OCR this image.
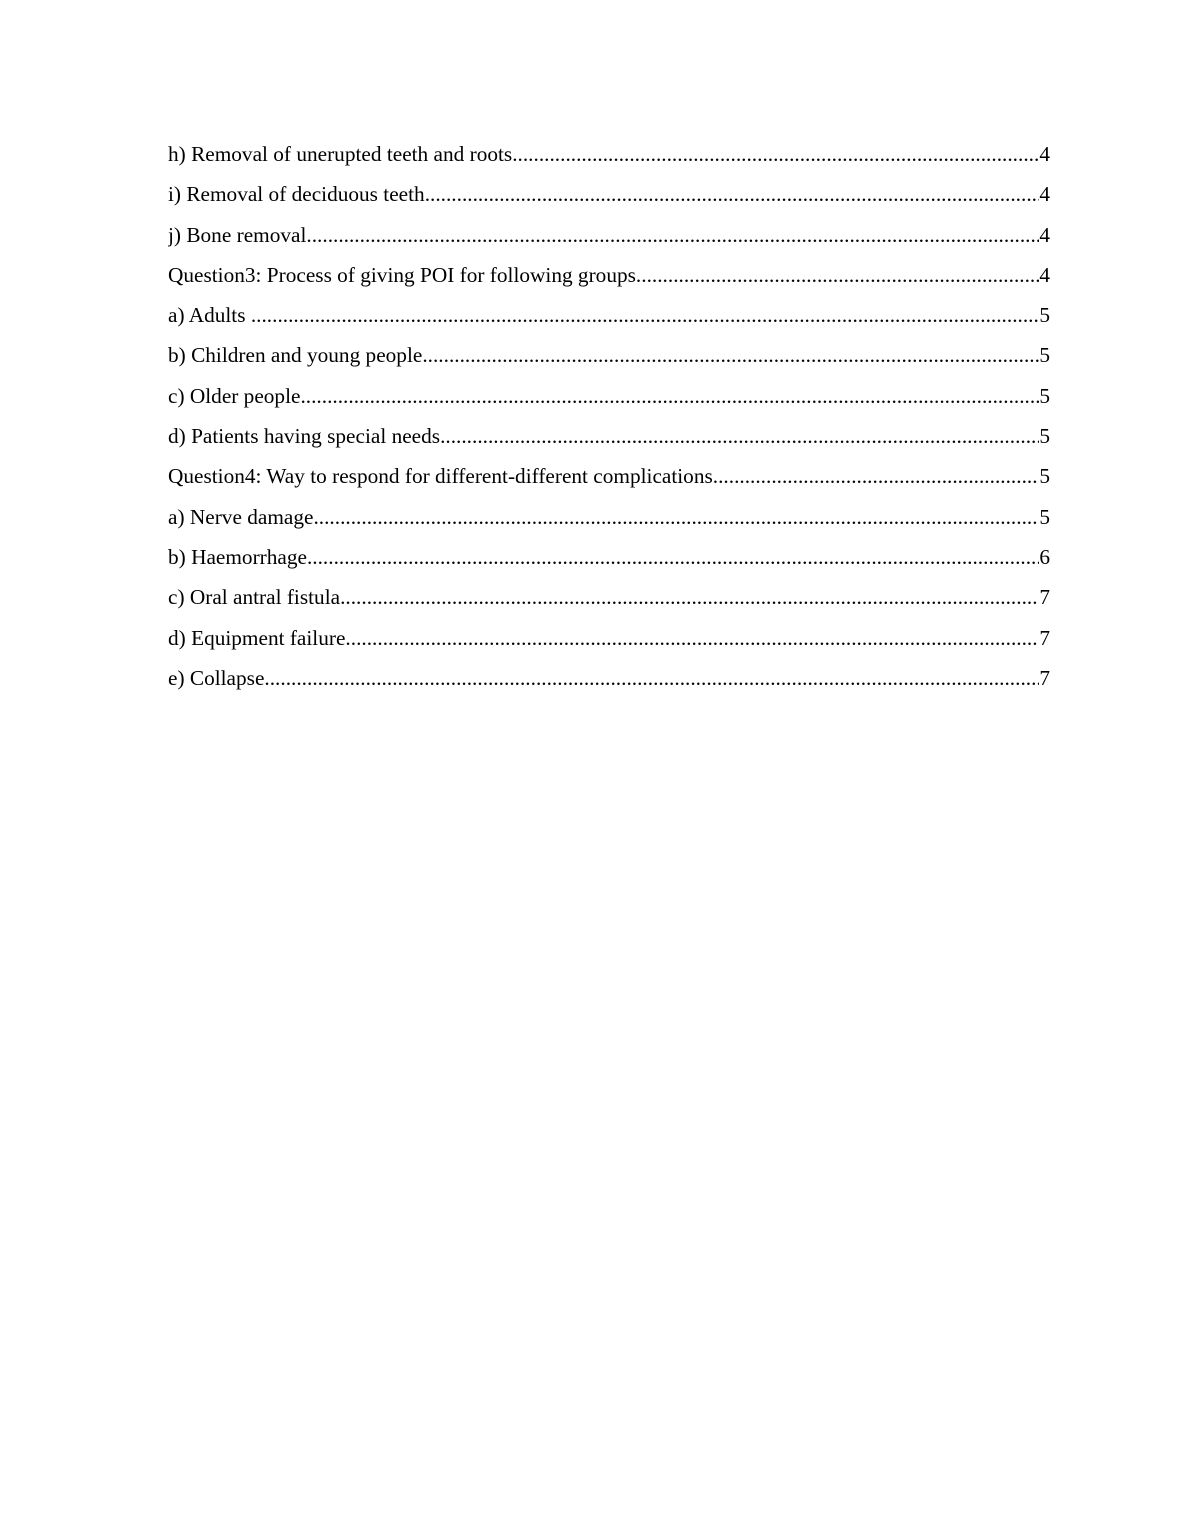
h) Removal of unerupted teeth and roots .....	4
i) Removal of deciduous teeth .....	4
j) Bone removal .....	4
Question3: Process of giving POI for following groups .....	4
a) Adults .....	5
b) Children and young people .....	5
c) Older people .....	5
d) Patients having special needs .....	5
Question4: Way to respond for different-different complications .....	5
a) Nerve damage .....	5
b) Haemorrhage .....	6
c) Oral antral fistula .....	7
d) Equipment failure .....	7
e) Collapse .....	7
